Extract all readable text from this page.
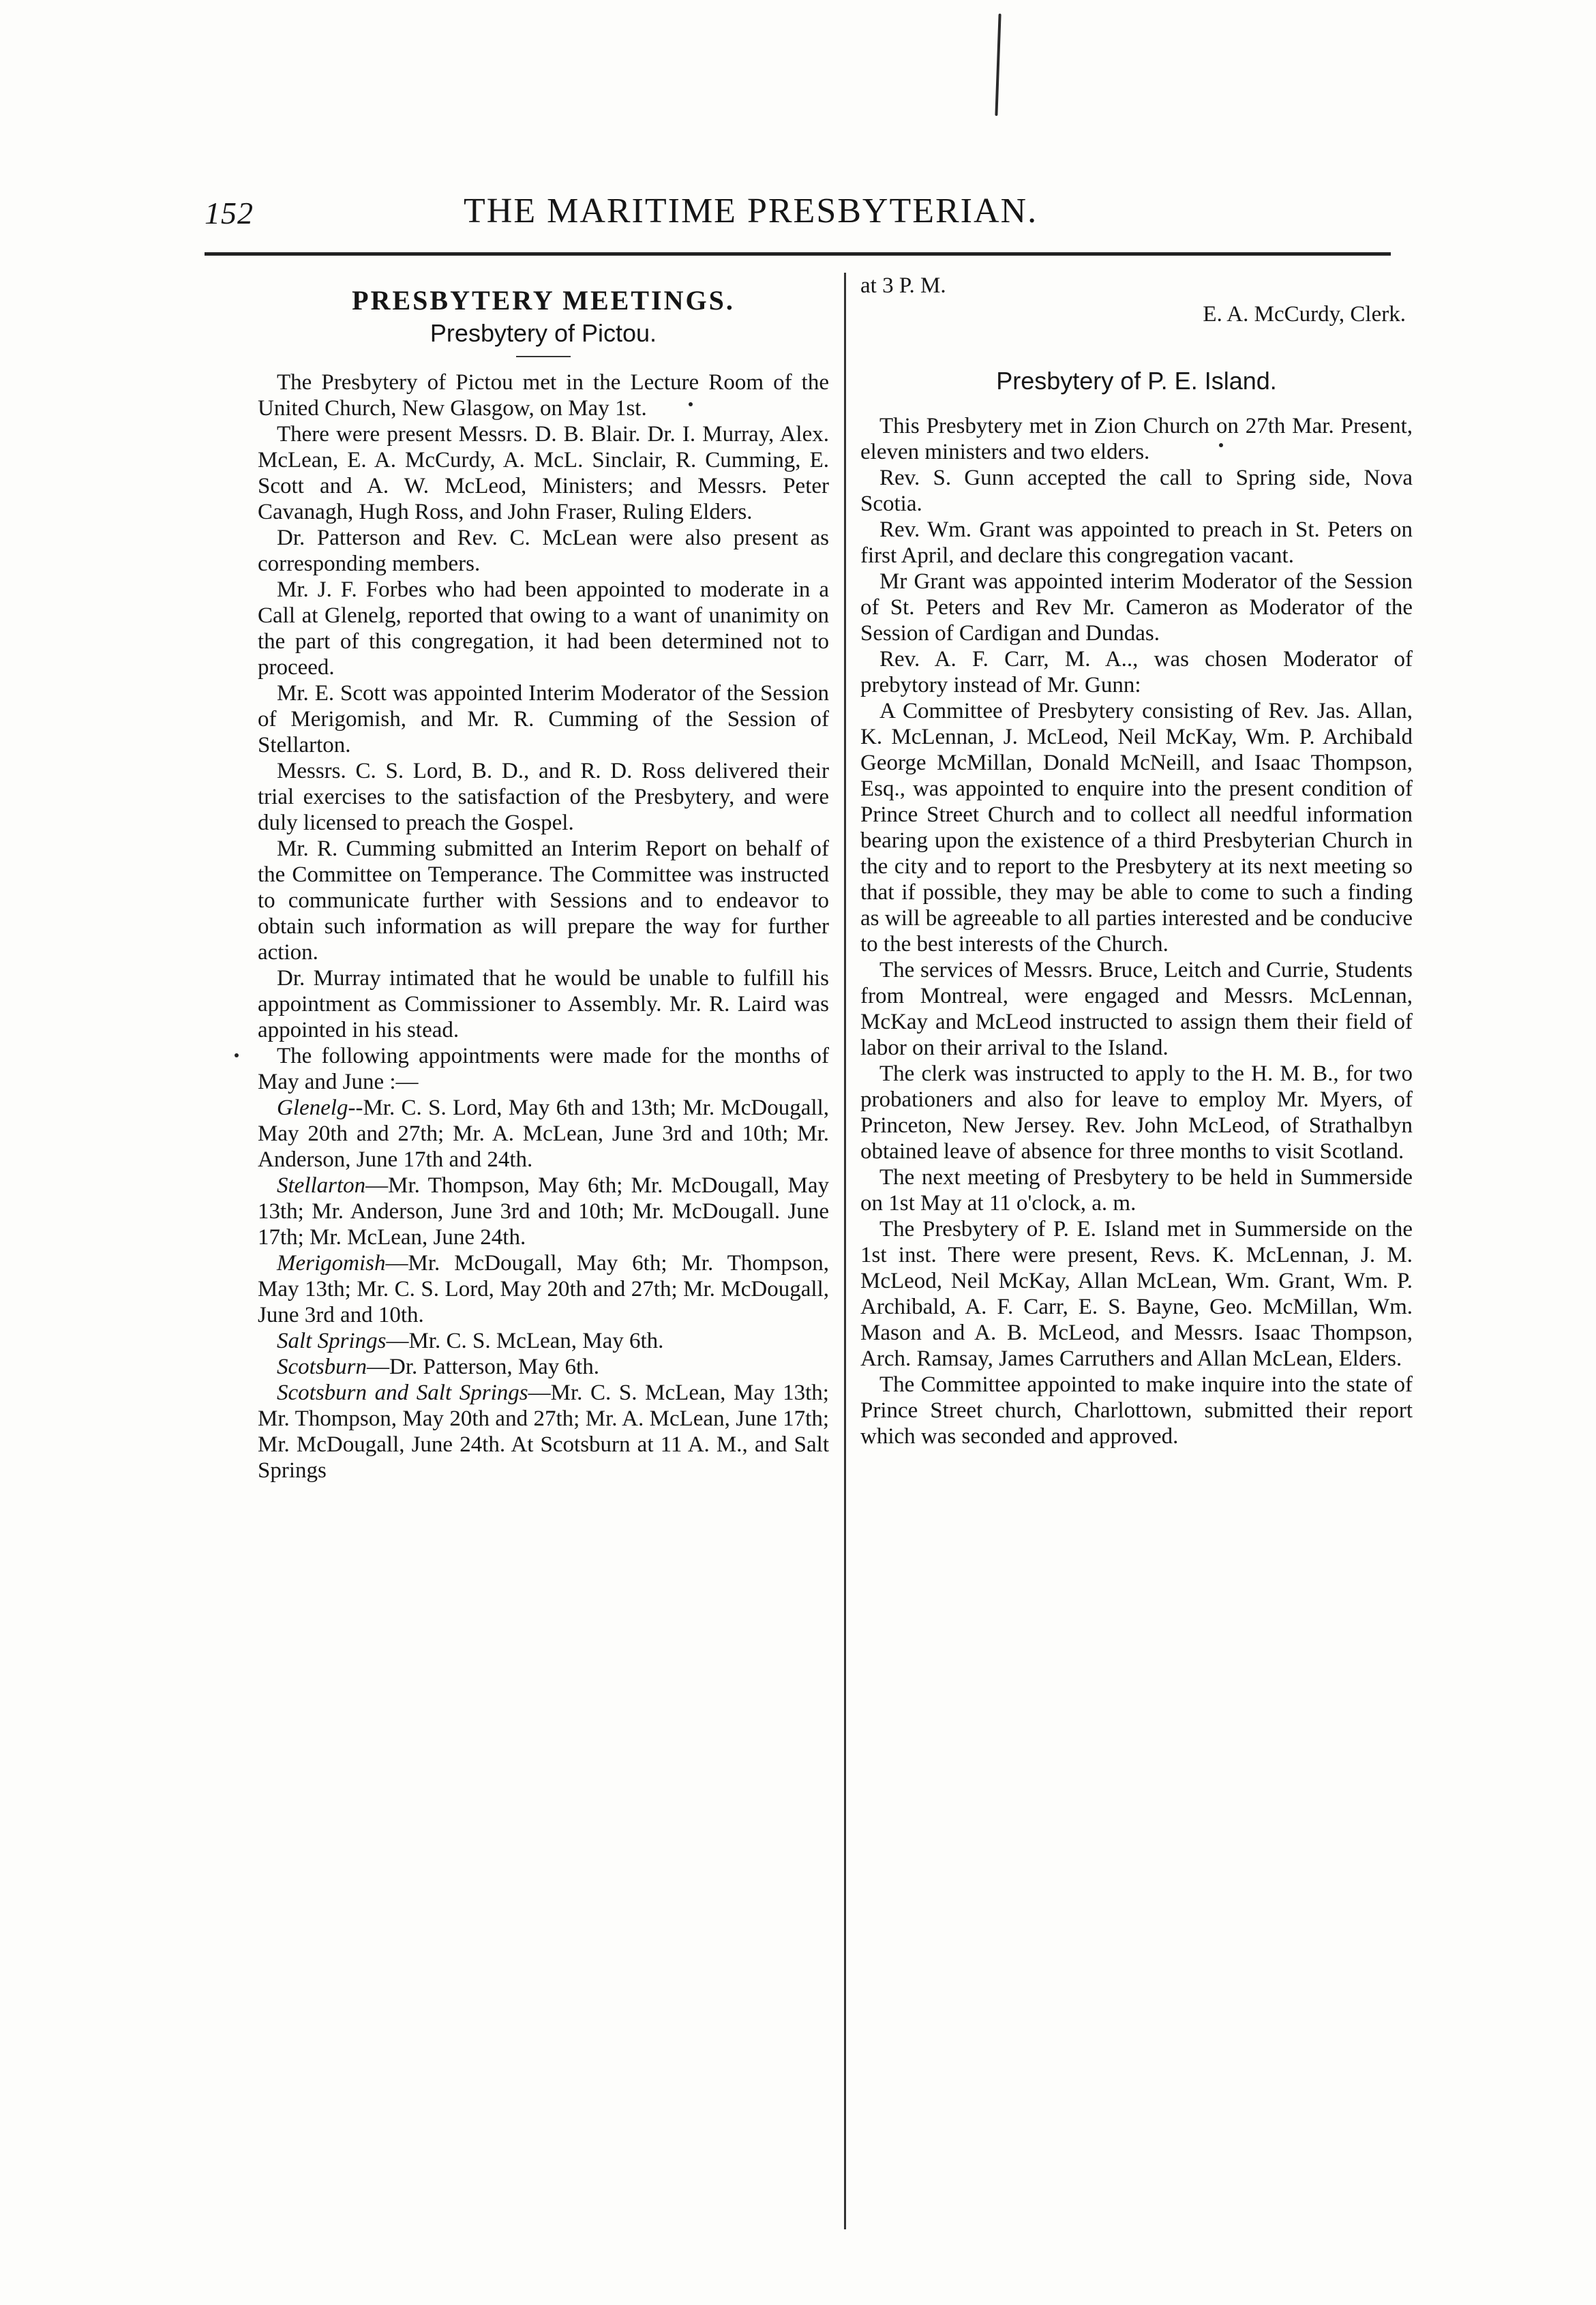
152	THE MARITIME PRESBYTERIAN.
PRESBYTERY MEETINGS.
Presbytery of Pictou.

The Presbytery of Pictou met in the Lecture Room of the United Church, New Glasgow, on May 1st.

There were present Messrs. D. B. Blair. Dr. I. Murray, Alex. McLean, E. A. McCurdy, A. McL. Sinclair, R. Cumming, E. Scott and A. W. McLeod, Ministers; and Messrs. Peter Cavanagh, Hugh Ross, and John Fraser, Ruling Elders.

Dr. Patterson and Rev. C. McLean were also present as corresponding members.

Mr. J. F. Forbes who had been appointed to moderate in a Call at Glenelg, reported that owing to a want of unanimity on the part of this congregation, it had been determined not to proceed.

Mr. E. Scott was appointed Interim Moderator of the Session of Merigomish, and Mr. R. Cumming of the Session of Stellarton.

Messrs. C. S. Lord, B. D., and R. D. Ross delivered their trial exercises to the satisfaction of the Presbytery, and were duly licensed to preach the Gospel.

Mr. R. Cumming submitted an Interim Report on behalf of the Committee on Temperance. The Committee was instructed to communicate further with Sessions and to endeavor to obtain such information as will prepare the way for further action.

Dr. Murray intimated that he would be unable to fulfill his appointment as Commissioner to Assembly. Mr. R. Laird was appointed in his stead.

The following appointments were made for the months of May and June :—

Glenelg--Mr. C. S. Lord, May 6th and 13th; Mr. McDougall, May 20th and 27th; Mr. A. McLean, June 3rd and 10th; Mr. Anderson, June 17th and 24th.

Stellarton—Mr. Thompson, May 6th; Mr. McDougall, May 13th; Mr. Anderson, June 3rd and 10th; Mr. McDougall. June 17th; Mr. McLean, June 24th.

Merigomish—Mr. McDougall, May 6th; Mr. Thompson, May 13th; Mr. C. S. Lord, May 20th and 27th; Mr. McDougall, June 3rd and 10th.

Salt Springs—Mr. C. S. McLean, May 6th.

Scotsburn—Dr. Patterson, May 6th.

Scotsburn and Salt Springs—Mr. C. S. McLean, May 13th; Mr. Thompson, May 20th and 27th; Mr. A. McLean, June 17th; Mr. McDougall, June 24th. At Scotsburn at 11 A. M., and Salt Springs

at 3 P. M.

E. A. McCurdy, Clerk.

Presbytery of P. E. Island.

This Presbytery met in Zion Church on 27th Mar. Present, eleven ministers and two elders.

Rev. S. Gunn accepted the call to Spring side, Nova Scotia.

Rev. Wm. Grant was appointed to preach in St. Peters on first April, and declare this congregation vacant.

Mr Grant was appointed interim Moderator of the Session of St. Peters and Rev Mr. Cameron as Moderator of the Session of Cardigan and Dundas.

Rev. A. F. Carr, M. A.., was chosen Moderator of prebytory instead of Mr. Gunn:

A Committee of Presbytery consisting of Rev. Jas. Allan, K. McLennan, J. McLeod, Neil McKay, Wm. P. Archibald George McMillan, Donald McNeill, and Isaac Thompson, Esq., was appointed to enquire into the present condition of Prince Street Church and to collect all needful information bearing upon the existence of a third Presbyterian Church in the city and to report to the Presbytery at its next meeting so that if possible, they may be able to come to such a finding as will be agreeable to all parties interested and be conducive to the best interests of the Church.

The services of Messrs. Bruce, Leitch and Currie, Students from Montreal, were engaged and Messrs. McLennan, McKay and McLeod instructed to assign them their field of labor on their arrival to the Island.

The clerk was instructed to apply to the H. M. B., for two probationers and also for leave to employ Mr. Myers, of Princeton, New Jersey. Rev. John McLeod, of Strathalbyn obtained leave of absence for three months to visit Scotland.

The next meeting of Presbytery to be held in Summerside on 1st May at 11 o'clock, a. m.

The Presbytery of P. E. Island met in Summerside on the 1st inst. There were present, Revs. K. McLennan, J. M. McLeod, Neil McKay, Allan McLean, Wm. Grant, Wm. P. Archibald, A. F. Carr, E. S. Bayne, Geo. McMillan, Wm. Mason and A. B. McLeod, and Messrs. Isaac Thompson, Arch. Ramsay, James Carruthers and Allan McLean, Elders.

The Committee appointed to make inquire into the state of Prince Street church, Charlottown, submitted their report which was seconded and approved.
